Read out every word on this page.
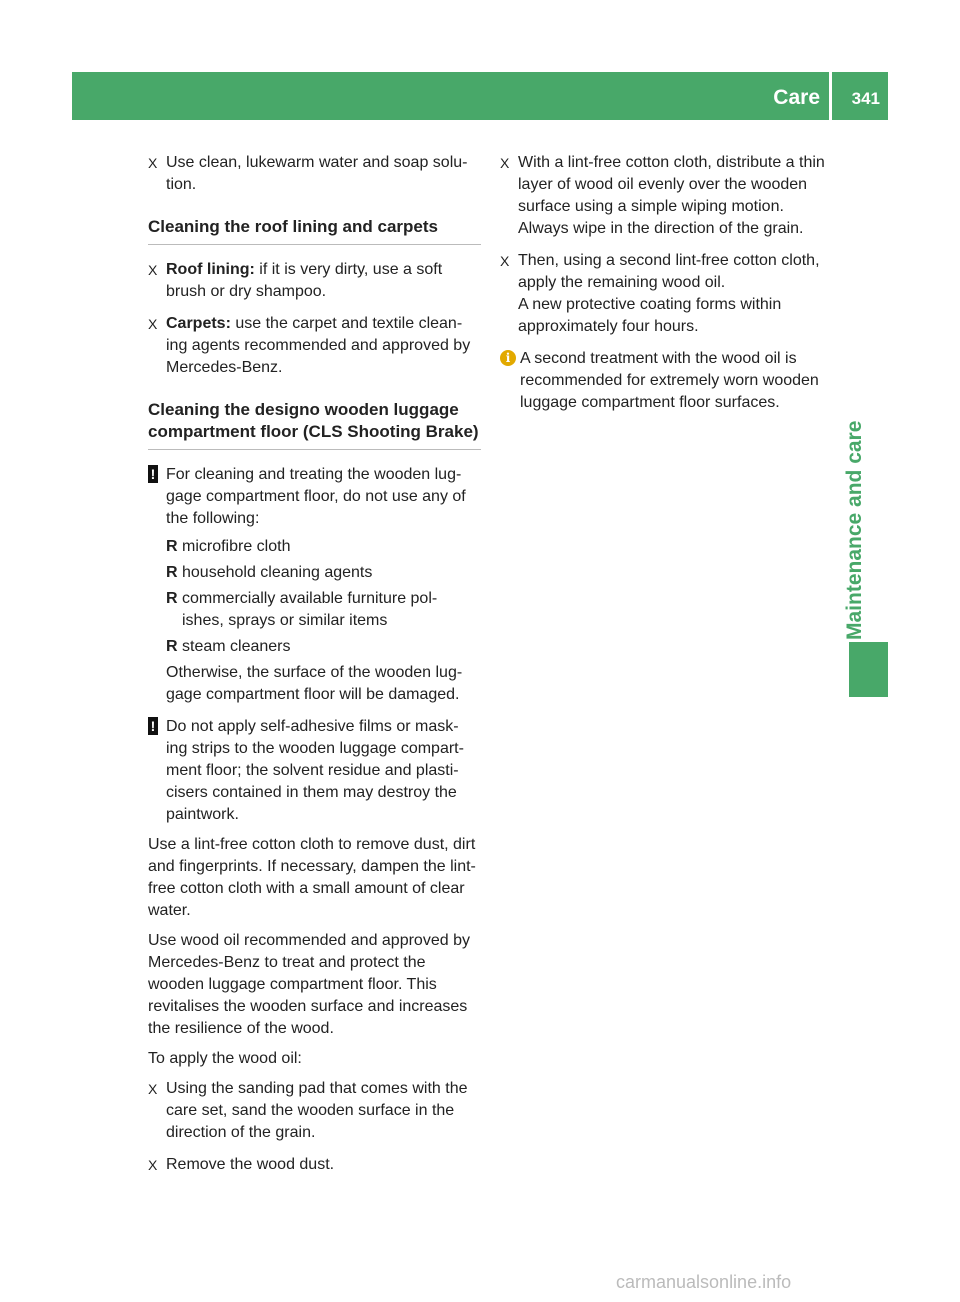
Care 341
Maintenance and care
X Use clean, lukewarm water and soap solu- tion.
Cleaning the roof lining and carpets
X Roof lining: if it is very dirty, use a soft brush or dry shampoo.
X Carpets: use the carpet and textile clean- ing agents recommended and approved by Mercedes-Benz.
Cleaning the designo wooden luggage compartment floor (CLS Shooting Brake)
! For cleaning and treating the wooden lug- gage compartment floor, do not use any of the following:
R microfibre cloth
R household cleaning agents
R commercially available furniture pol- ishes, sprays or similar items
R steam cleaners
Otherwise, the surface of the wooden lug- gage compartment floor will be damaged.
! Do not apply self-adhesive films or mask- ing strips to the wooden luggage compart- ment floor; the solvent residue and plasti- cisers contained in them may destroy the paintwork.
Use a lint-free cotton cloth to remove dust, dirt and fingerprints. If necessary, dampen the lint-free cotton cloth with a small amount of clear water.
Use wood oil recommended and approved by Mercedes-Benz to treat and protect the wooden luggage compartment floor. This revitalises the wooden surface and increases the resilience of the wood.
To apply the wood oil:
X Using the sanding pad that comes with the care set, sand the wooden surface in the direction of the grain.
X Remove the wood dust.
X With a lint-free cotton cloth, distribute a thin layer of wood oil evenly over the wooden surface using a simple wiping motion. Always wipe in the direction of the grain.
X Then, using a second lint-free cotton cloth, apply the remaining wood oil.
A new protective coating forms within approximately four hours.
i A second treatment with the wood oil is recommended for extremely worn wooden luggage compartment floor surfaces.
carmanualsonline.info
